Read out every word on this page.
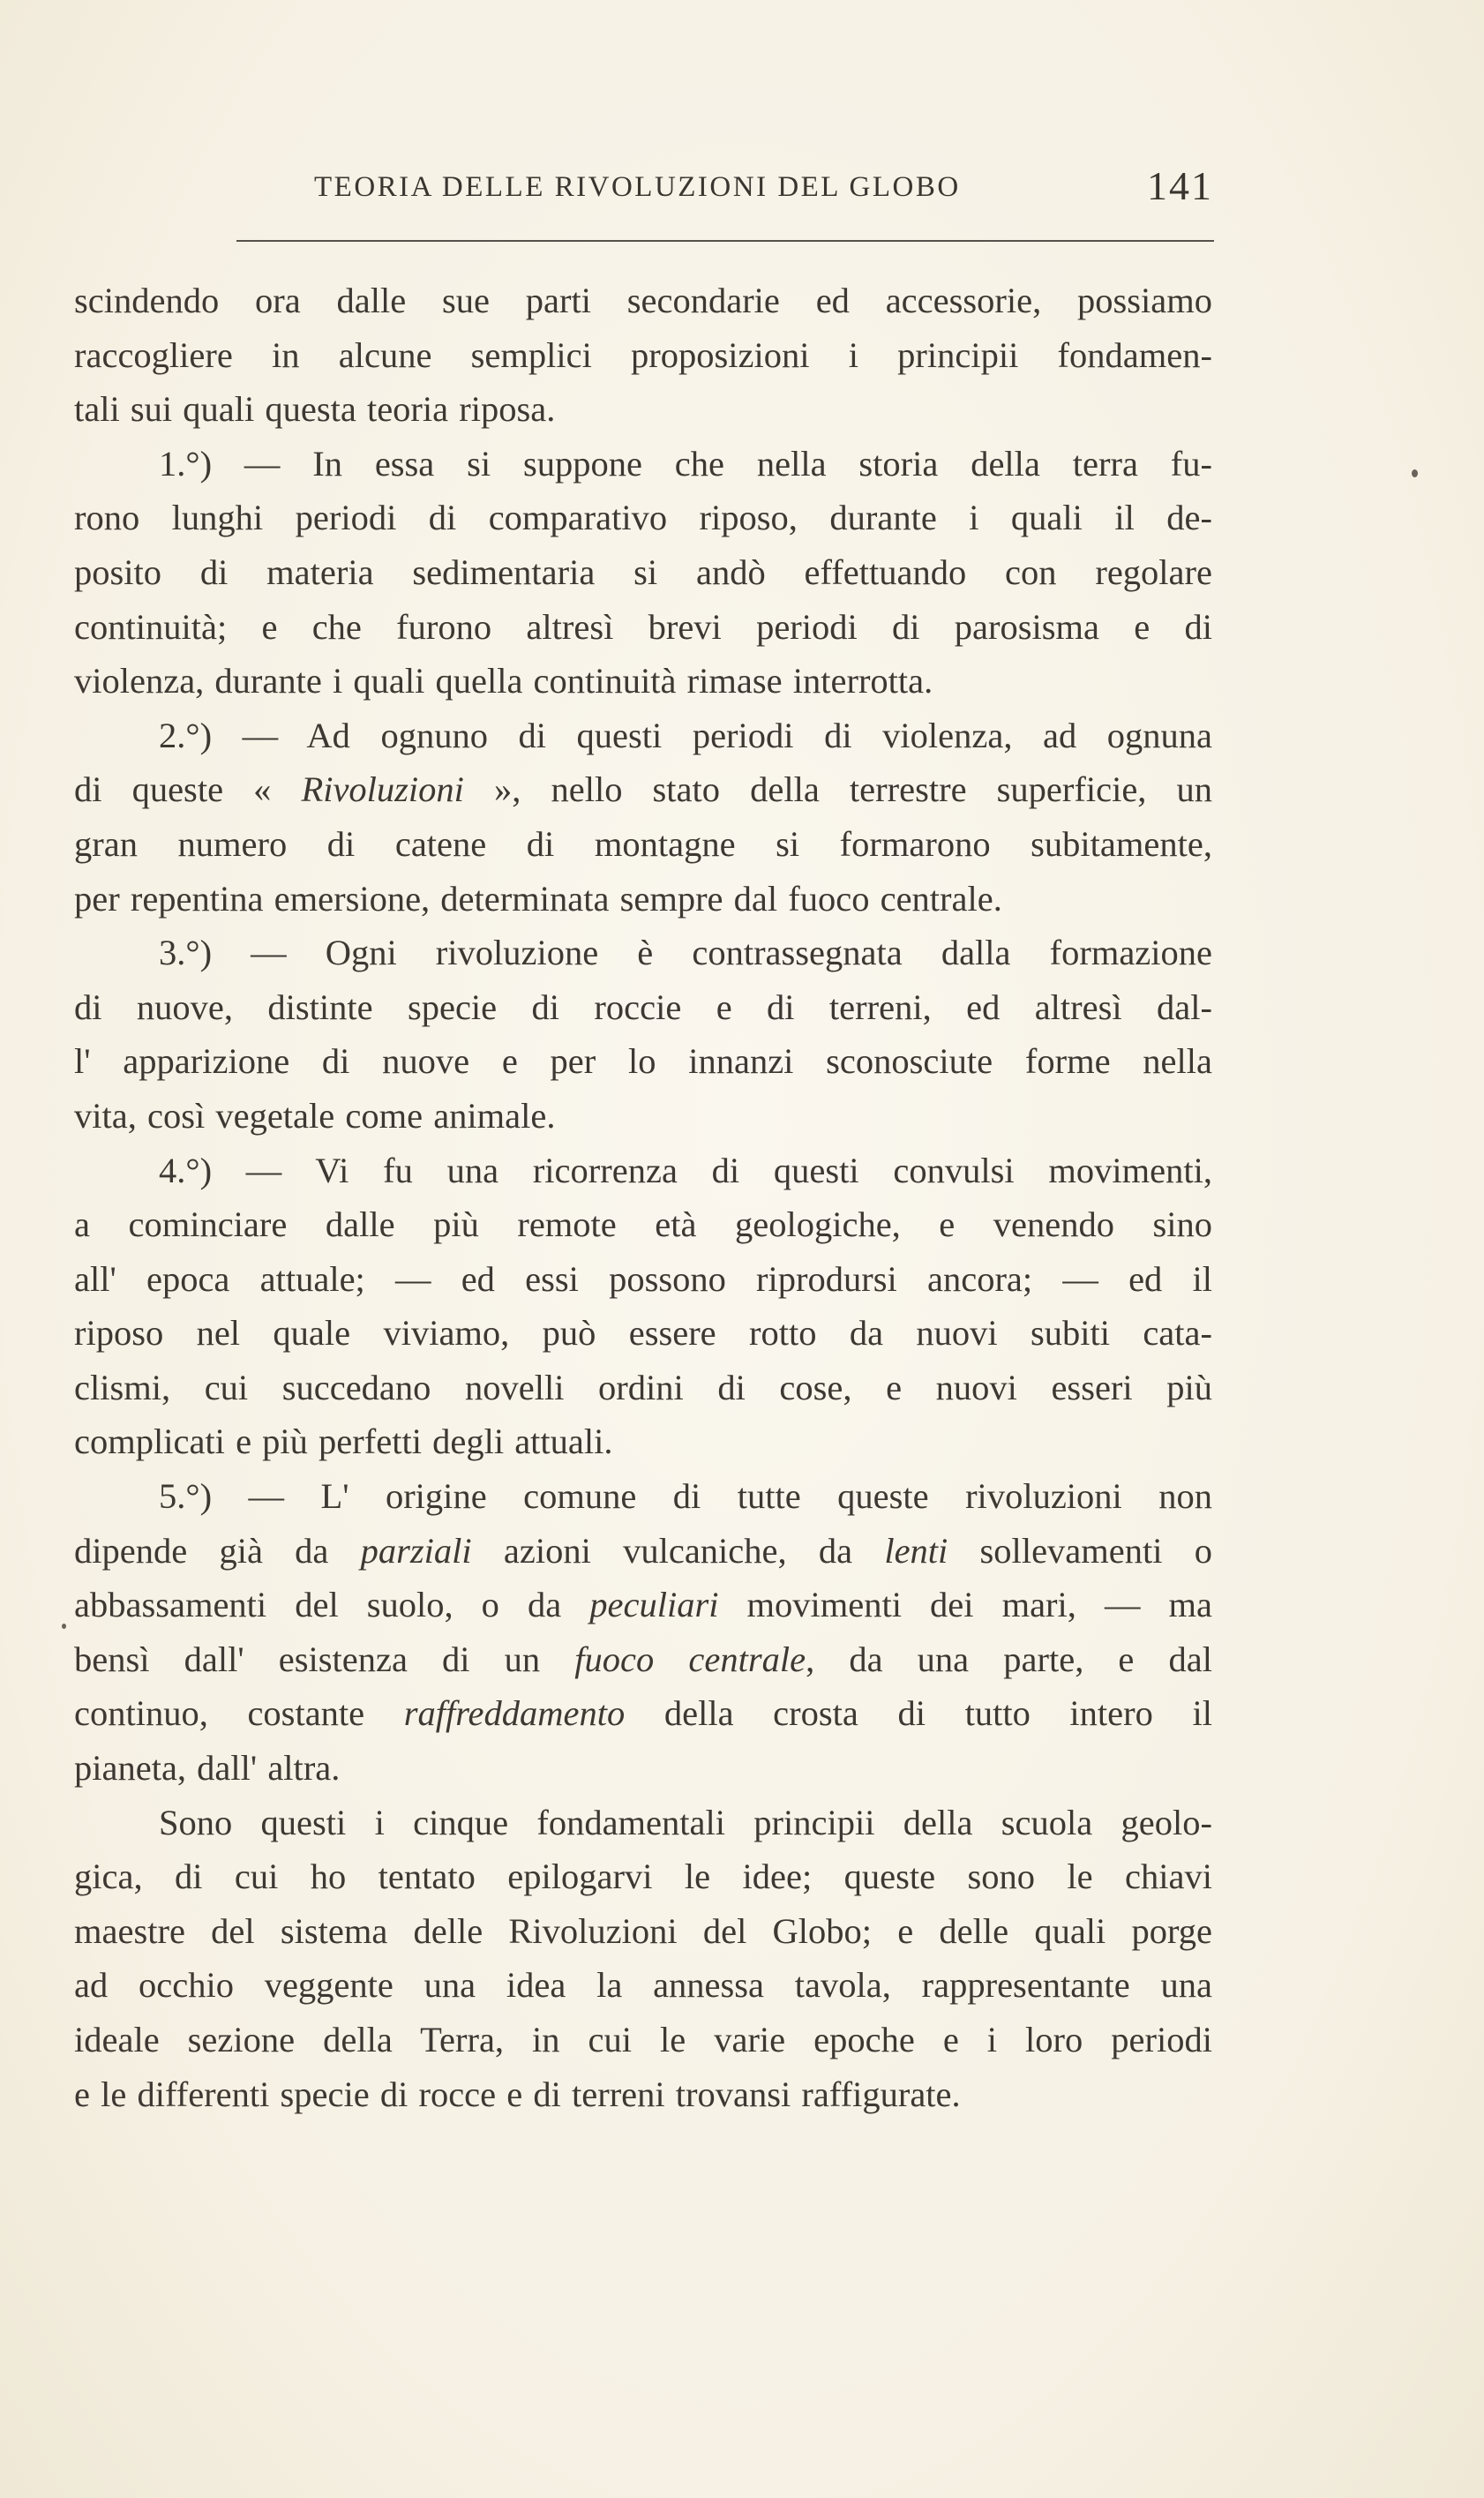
TEORIA DELLE RIVOLUZIONI DEL GLOBO	141
scindendo ora dalle sue parti secondarie ed accessorie, possiamo
raccogliere in alcune semplici proposizioni i principii fondamen-
tali sui quali questa teoria riposa.
1.°) — In essa si suppone che nella storia della terra fu-
rono lunghi periodi di comparativo riposo, durante i quali il de-
posito di materia sedimentaria si andò effettuando con regolare
continuità; e che furono altresì brevi periodi di parosisma e di
violenza, durante i quali quella continuità rimase interrotta.
2.°) — Ad ognuno di questi periodi di violenza, ad ognuna
di queste « Rivoluzioni », nello stato della terrestre superficie, un
gran numero di catene di montagne si formarono subitamente,
per repentina emersione, determinata sempre dal fuoco centrale.
3.°) — Ogni rivoluzione è contrassegnata dalla formazione
di nuove, distinte specie di roccie e di terreni, ed altresì dal-
l' apparizione di nuove e per lo innanzi sconosciute forme nella
vita, così vegetale come animale.
4.°) — Vi fu una ricorrenza di questi convulsi movimenti,
a cominciare dalle più remote età geologiche, e venendo sino
all' epoca attuale; — ed essi possono riprodursi ancora; — ed il
riposo nel quale viviamo, può essere rotto da nuovi subiti cata-
clismi, cui succedano novelli ordini di cose, e nuovi esseri più
complicati e più perfetti degli attuali.
5.°) — L' origine comune di tutte queste rivoluzioni non
dipende già da parziali azioni vulcaniche, da lenti sollevamenti o
abbassamenti del suolo, o da peculiari movimenti dei mari, — ma
bensì dall' esistenza di un fuoco centrale, da una parte, e dal
continuo, costante raffreddamento della crosta di tutto intero il
pianeta, dall' altra.
Sono questi i cinque fondamentali principii della scuola geolo-
gica, di cui ho tentato epilogarvi le idee; queste sono le chiavi
maestre del sistema delle Rivoluzioni del Globo; e delle quali porge
ad occhio veggente una idea la annessa tavola, rappresentante una
ideale sezione della Terra, in cui le varie epoche e i loro periodi
e le differenti specie di rocce e di terreni trovansi raffigurate.
